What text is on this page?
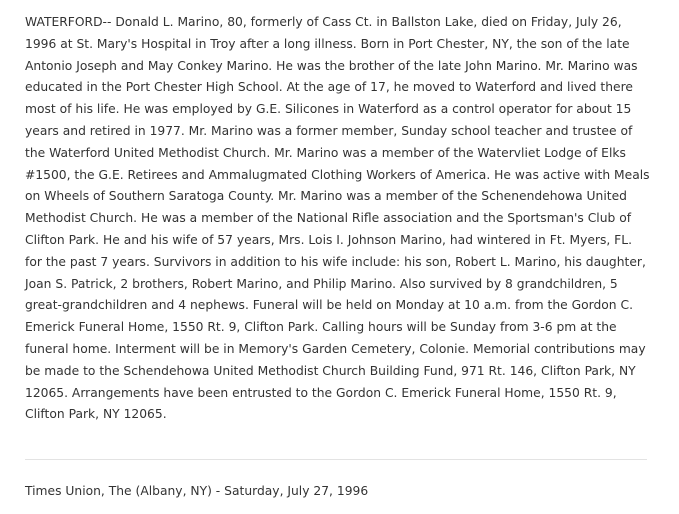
WATERFORD-- Donald L. Marino, 80, formerly of Cass Ct. in Ballston Lake, died on Friday, July 26, 1996 at St. Mary's Hospital in Troy after a long illness. Born in Port Chester, NY, the son of the late Antonio Joseph and May Conkey Marino. He was the brother of the late John Marino. Mr. Marino was educated in the Port Chester High School. At the age of 17, he moved to Waterford and lived there most of his life. He was employed by G.E. Silicones in Waterford as a control operator for about 15 years and retired in 1977. Mr. Marino was a former member, Sunday school teacher and trustee of the Waterford United Methodist Church. Mr. Marino was a member of the Watervliet Lodge of Elks #1500, the G.E. Retirees and Ammalugmated Clothing Workers of America. He was active with Meals on Wheels of Southern Saratoga County. Mr. Marino was a member of the Schenendehowa United Methodist Church. He was a member of the National Rifle association and the Sportsman's Club of Clifton Park. He and his wife of 57 years, Mrs. Lois I. Johnson Marino, had wintered in Ft. Myers, FL. for the past 7 years. Survivors in addition to his wife include: his son, Robert L. Marino, his daughter, Joan S. Patrick, 2 brothers, Robert Marino, and Philip Marino. Also survived by 8 grandchildren, 5 great-grandchildren and 4 nephews. Funeral will be held on Monday at 10 a.m. from the Gordon C. Emerick Funeral Home, 1550 Rt. 9, Clifton Park. Calling hours will be Sunday from 3-6 pm at the funeral home. Interment will be in Memory's Garden Cemetery, Colonie. Memorial contributions may be made to the Schendehowa United Methodist Church Building Fund, 971 Rt. 146, Clifton Park, NY 12065. Arrangements have been entrusted to the Gordon C. Emerick Funeral Home, 1550 Rt. 9, Clifton Park, NY 12065.

Times Union, The (Albany, NY) - Saturday, July 27, 1996
